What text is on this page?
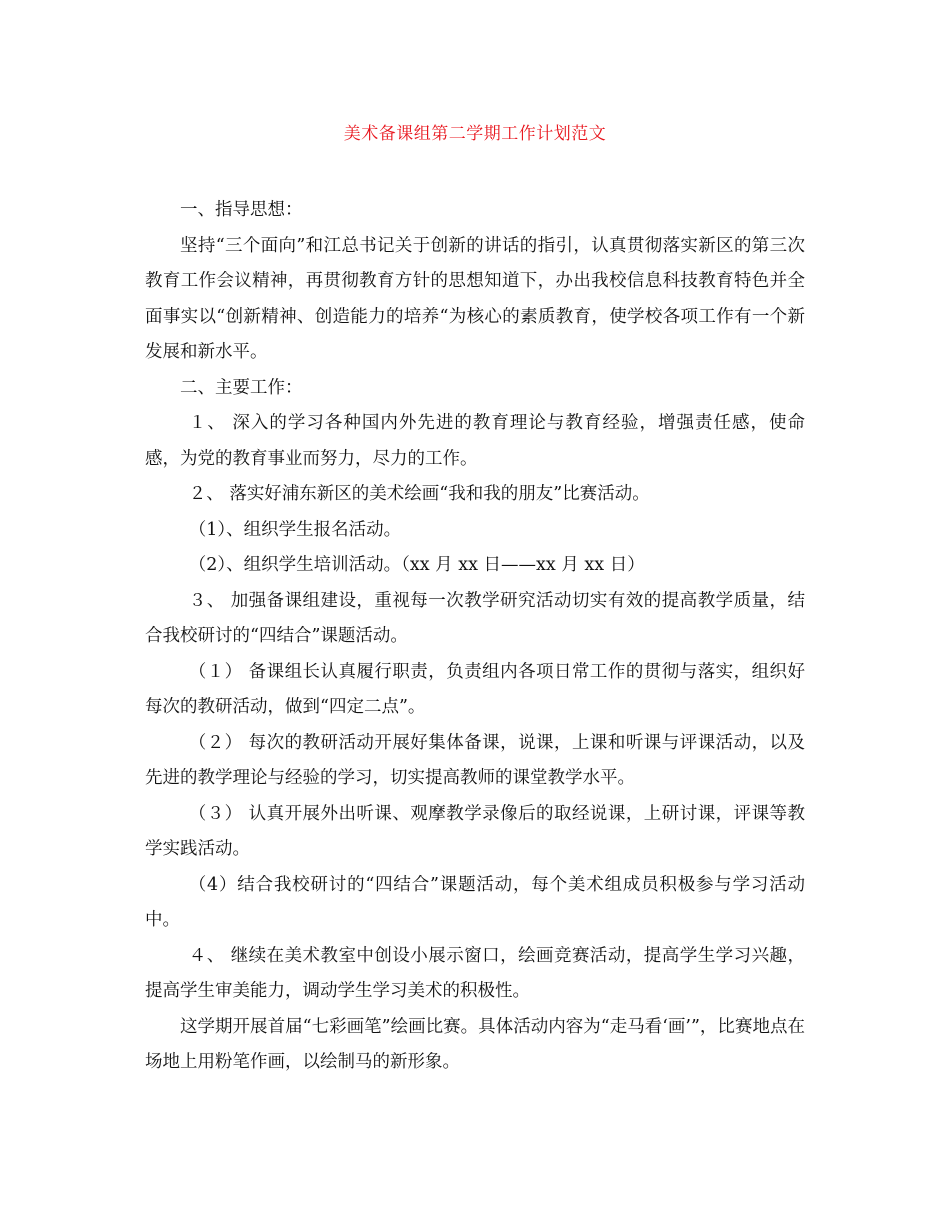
美术备课组第二学期工作计划范文

一、指导思想：

坚持“三个面向”和江总书记关于创新的讲话的指引，认真贯彻落实新区的第三次教育工作会议精神，再贯彻教育方针的思想知道下，办出我校信息科技教育特色并全面事实以“创新精神、创造能力的培养“为核心的素质教育，使学校各项工作有一个新发展和新水平。

二、主要工作：

１、 深入的学习各种国内外先进的教育理论与教育经验，增强责任感，使命感，为党的教育事业而努力，尽力的工作。

２、 落实好浦东新区的美术绘画“我和我的朋友”比赛活动。

（1）、组织学生报名活动。

（2）、组织学生培训活动。（xx 月 xx 日——xx 月 xx 日）

３、 加强备课组建设，重视每一次教学研究活动切实有效的提高教学质量，结合我校研讨的“四结合”课题活动。

（１） 备课组长认真履行职责，负责组内各项日常工作的贯彻与落实，组织好每次的教研活动，做到“四定二点”。

（２） 每次的教研活动开展好集体备课，说课，上课和听课与评课活动，以及先进的教学理论与经验的学习，切实提高教师的课堂教学水平。

（３） 认真开展外出听课、观摩教学录像后的取经说课，上研讨课，评课等教学实践活动。

（4）结合我校研讨的“四结合”课题活动，每个美术组成员积极参与学习活动中。

４、 继续在美术教室中创设小展示窗口，绘画竞赛活动，提高学生学习兴趣，提高学生审美能力，调动学生学习美术的积极性。

这学期开展首届“七彩画笔”绘画比赛。具体活动内容为“走马看‘画’”，比赛地点在场地上用粉笔作画，以绘制马的新形象。
